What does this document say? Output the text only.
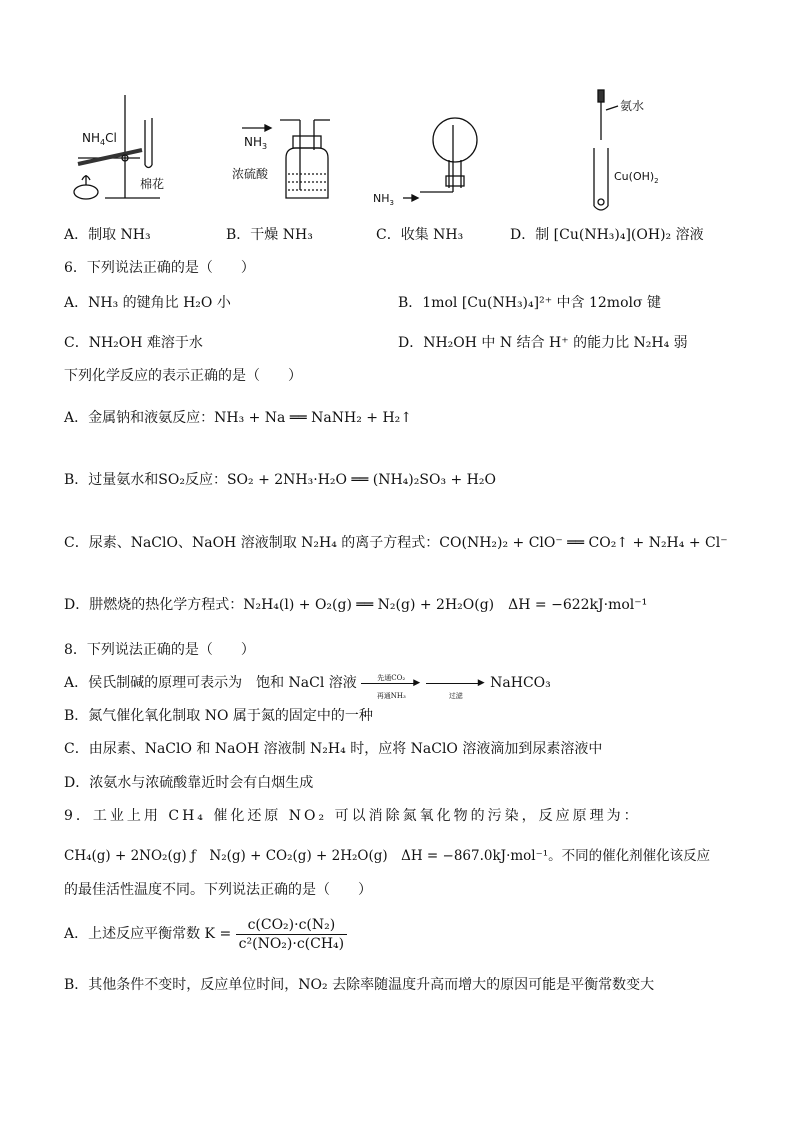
$NH_4Cl$
棉花
$NH_3$
浓硫酸
$NH_3$
氨水
$Cu(OH)_2$
A．制取 NH₃	B．干燥 NH₃	C．收集 NH₃	D．制 [Cu(NH₃)₄](OH)₂ 溶液
6．下列说法正确的是（　　）
A．NH₃ 的键角比 H₂O 小	B．1mol [Cu(NH₃)₄]²⁺ 中含 12molσ 键
C．NH₂OH 难溶于水	D．NH₂OH 中 N 结合 H⁺ 的能力比 N₂H₄ 弱
下列化学反应的表示正确的是（　　）
A．金属钠和液氨反应：NH₃ + Na ══ NaNH₂ + H₂↑
B．过量氨水和SO₂反应：SO₂ + 2NH₃·H₂O ══ (NH₄)₂SO₃ + H₂O
C．尿素、NaClO、NaOH 溶液制取 N₂H₄ 的离子方程式：CO(NH₂)₂ + ClO⁻ ══ CO₂↑ + N₂H₄ + Cl⁻
D．肼燃烧的热化学方程式：N₂H₄(l) + O₂(g) ══ N₂(g) + 2H₂O(g)　ΔH = −622kJ·mol⁻¹
8．下列说法正确的是（　　）
A．侯氏制碱的原理可表示为　饱和 NaCl 溶液	先通CO₂ ▶
再通NH₃

▶
过滤
NaHCO₃
B．氮气催化氧化制取 NO 属于氮的固定中的一种
C．由尿素、NaClO 和 NaOH 溶液制 N₂H₄ 时，应将 NaClO 溶液滴加到尿素溶液中
D．浓氨水与浓硫酸靠近时会有白烟生成
9．工业上用 CH₄ 催化还原 NO₂ 可以消除氮氧化物的污染，反应原理为：
CH₄(g) + 2NO₂(g) ƒ　N₂(g) + CO₂(g) + 2H₂O(g)　ΔH = −867.0kJ·mol⁻¹。不同的催化剂催化该反应
的最佳活性温度不同。下列说法正确的是（　　）
A．上述反应平衡常数 $K = \frac{\text{c(CO₂)·c(N₂)}}{\text{c²(NO₂)·c(CH₄)}}$
B．其他条件不变时，反应单位时间，NO₂ 去除率随温度升高而增大的原因可能是平衡常数变大
